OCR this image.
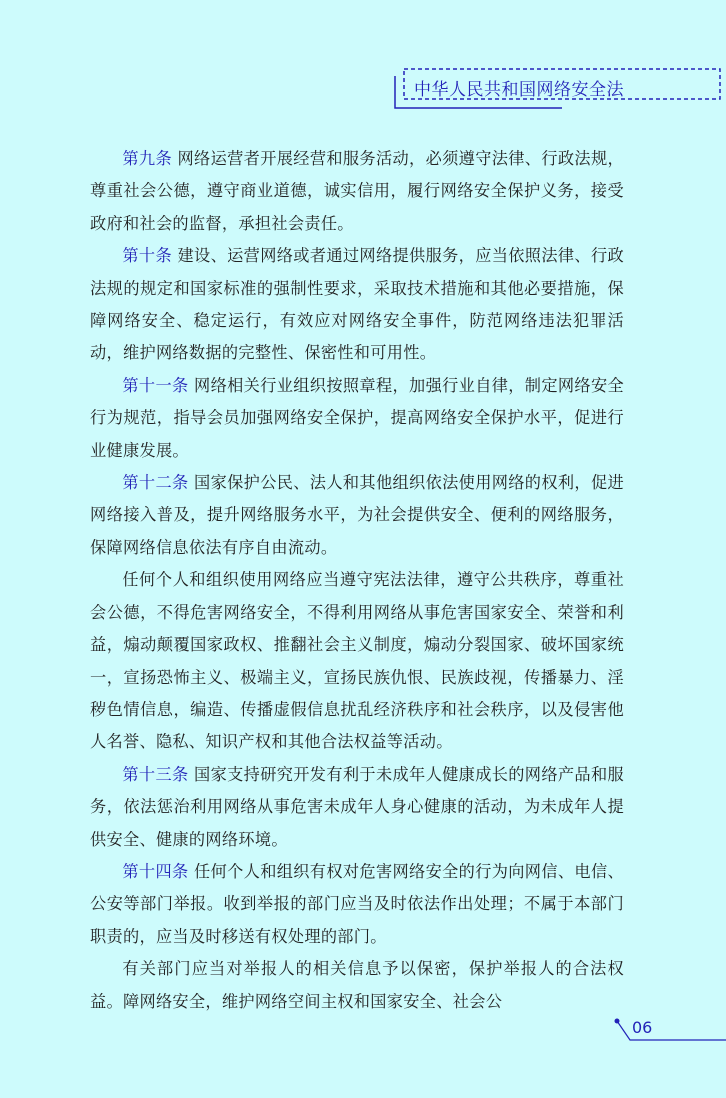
中华人民共和国网络安全法

第九条 网络运营者开展经营和服务活动，必须遵守法律、行政法规，尊重社会公德，遵守商业道德，诚实信用，履行网络安全保护义务，接受政府和社会的监督，承担社会责任。

第十条 建设、运营网络或者通过网络提供服务，应当依照法律、行政法规的规定和国家标准的强制性要求，采取技术措施和其他必要措施，保障网络安全、稳定运行，有效应对网络安全事件，防范网络违法犯罪活动，维护网络数据的完整性、保密性和可用性。

第十一条 网络相关行业组织按照章程，加强行业自律，制定网络安全行为规范，指导会员加强网络安全保护，提高网络安全保护水平，促进行业健康发展。

第十二条 国家保护公民、法人和其他组织依法使用网络的权利，促进网络接入普及，提升网络服务水平，为社会提供安全、便利的网络服务，保障网络信息依法有序自由流动。

任何个人和组织使用网络应当遵守宪法法律，遵守公共秩序，尊重社会公德，不得危害网络安全，不得利用网络从事危害国家安全、荣誉和利益，煽动颠覆国家政权、推翻社会主义制度，煽动分裂国家、破坏国家统一，宣扬恐怖主义、极端主义，宣扬民族仇恨、民族歧视，传播暴力、淫秽色情信息，编造、传播虚假信息扰乱经济秩序和社会秩序，以及侵害他人名誉、隐私、知识产权和其他合法权益等活动。

第十三条 国家支持研究开发有利于未成年人健康成长的网络产品和服务，依法惩治利用网络从事危害未成年人身心健康的活动，为未成年人提供安全、健康的网络环境。

第十四条 任何个人和组织有权对危害网络安全的行为向网信、电信、公安等部门举报。收到举报的部门应当及时依法作出处理；不属于本部门职责的，应当及时移送有权处理的部门。

有关部门应当对举报人的相关信息予以保密，保护举报人的合法权益。障网络安全，维护网络空间主权和国家安全、社会公

06
